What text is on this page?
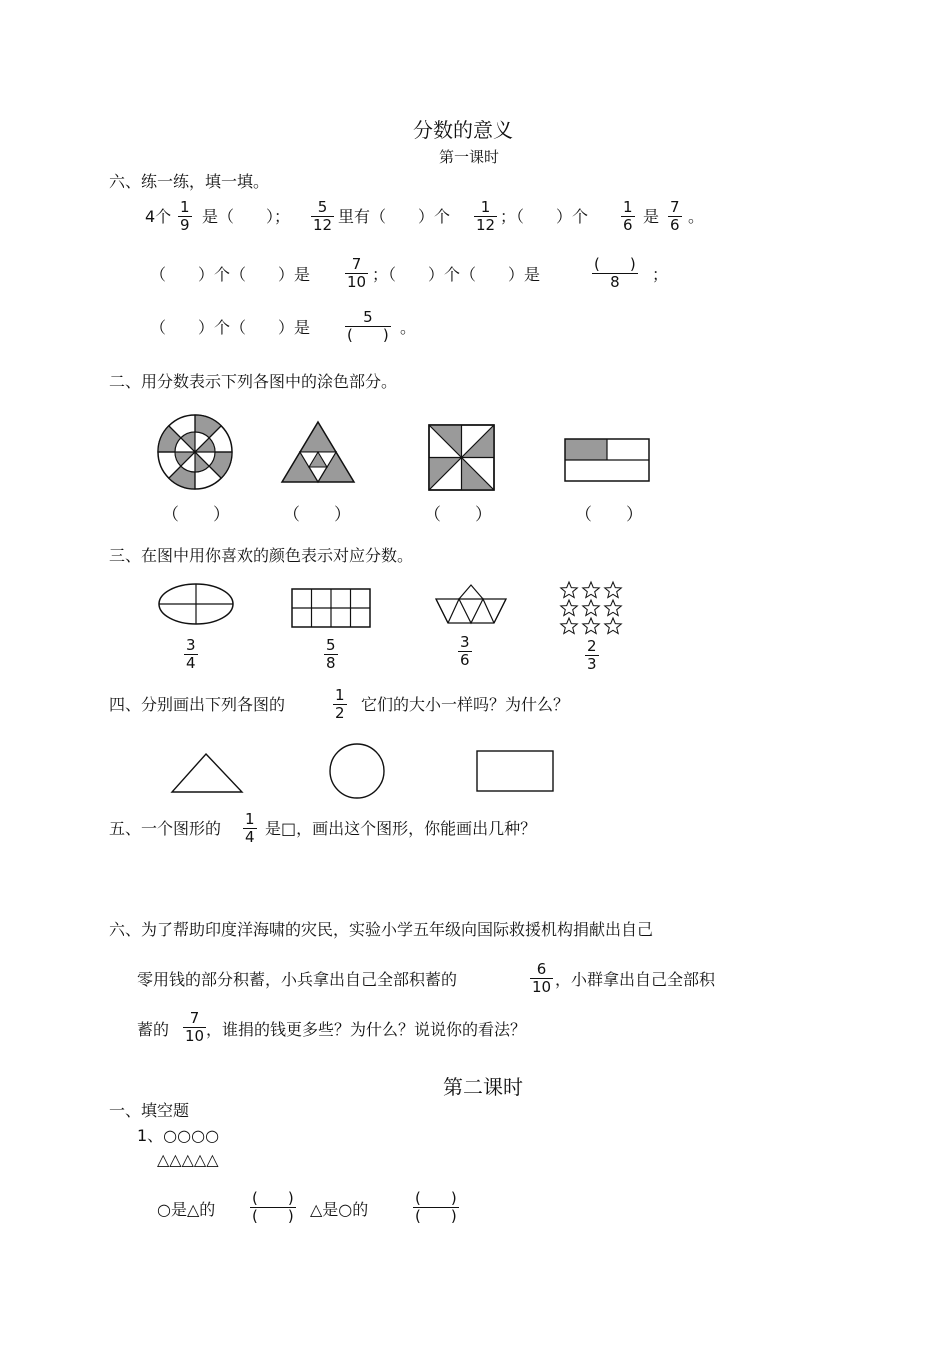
分数的意义
第一课时
六、练一练，填一填。
4个 $\frac{1}{9}$ 是（　　）； $\frac{5}{12}$ 里有（　　）个 $\frac{1}{12}$ ；（　　）个 $\frac{1}{6}$ 是 $\frac{7}{6}$ 。
（　　）个（　　）是 $\frac{7}{10}$ ；（　　）个（　　）是
(　　)
8	；
（　　）个（　　）是
5
(　　) 。
二、用分数表示下列各图中的涂色部分。
（　　）	（　　）	（　　）	（　　）
三、在图中用你喜欢的颜色表示对应分数。
$\frac{3}{4}$	$\frac{5}{8}$	$\frac{3}{6}$	$\frac{2}{3}$
四、分别画出下列各图的	$\frac{1}{2}$ 它们的大小一样吗？为什么？
五、一个图形的 $\frac{1}{4}$ 是□，画出这个图形，你能画出几种？
六、为了帮助印度洋海啸的灾民，实验小学五年级向国际救援机构捐献出自己
零用钱的部分积蓄，小兵拿出自己全部积蓄的	$\frac{6}{10}$ ，小群拿出自己全部积
蓄的 $\frac{7}{10}$ ，谁捐的钱更多些？为什么？说说你的看法？
第二课时
一、填空题
1、○○○○
△△△△△
○是△的
(　　)
(　　) △是○的
(　　)
(　　)
